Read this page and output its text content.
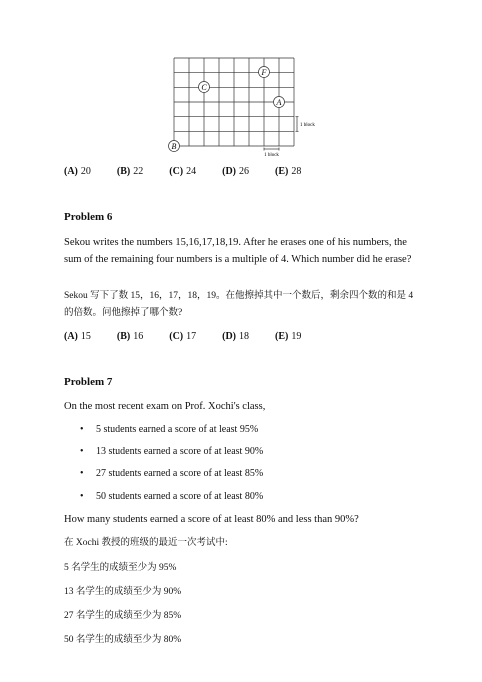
F
C
A
B
1 block
1 block
(A) 20	(B) 22	(C) 24	(D) 26	(E) 28
Problem 6
Sekou writes the numbers 15,16,17,18,19. After he erases one of his numbers, the sum of the remaining four numbers is a multiple of 4. Which number did he erase?
Sekou 写下了数 15，16，17，18，19。在他擦掉其中一个数后，剩余四个数的和是 4 的倍数。问他擦掉了哪个数?
(A) 15	(B) 16	(C) 17	(D) 18	(E) 19
Problem 7
On the most recent exam on Prof. Xochi's class,
•	5 students earned a score of at least 95%
•	13 students earned a score of at least 90%
•	27 students earned a score of at least 85%
•	50 students earned a score of at least 80%
How many students earned a score of at least 80% and less than 90%?
在 Xochi 教授的班级的最近一次考试中:
5 名学生的成绩至少为 95%
13 名学生的成绩至少为 90%
27 名学生的成绩至少为 85%
50 名学生的成绩至少为 80%
